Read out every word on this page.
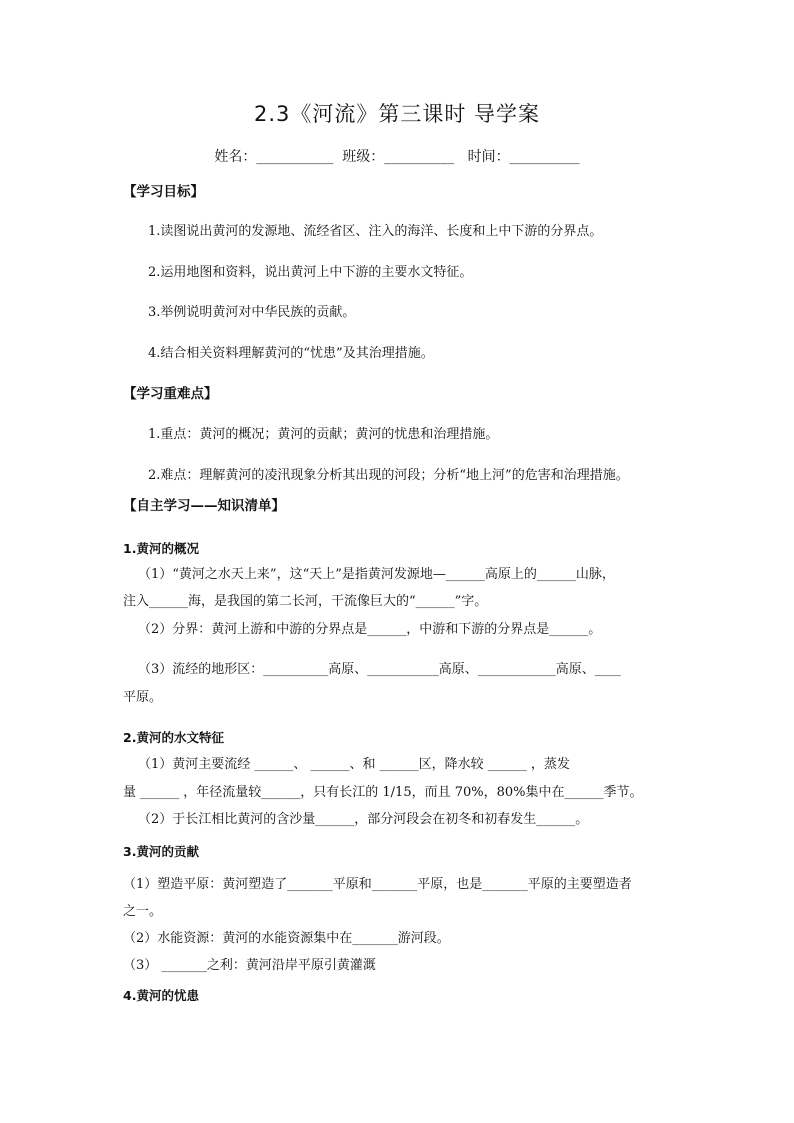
2.3《河流》第三课时 导学案
姓名：___________  班级：__________   时间：__________
【学习目标】
1.读图说出黄河的发源地、流经省区、注入的海洋、长度和上中下游的分界点。
2.运用地图和资料，说出黄河上中下游的主要水文特征。
3.举例说明黄河对中华民族的贡献。
4.结合相关资料理解黄河的“忧患”及其治理措施。
【学习重难点】
1.重点：黄河的概况；黄河的贡献；黄河的忧患和治理措施。
2.难点：理解黄河的凌汛现象分析其出现的河段；分析“地上河”的危害和治理措施。
【自主学习——知识清单】
1.黄河的概况
（1）“黄河之水天上来”，这“天上”是指黄河发源地—______高原上的______山脉，
注入______海，是我国的第二长河，干流像巨大的“______”字。
（2）分界：黄河上游和中游的分界点是______，中游和下游的分界点是______。
（3）流经的地形区：__________高原、___________高原、____________高原、____
平原。
2.黄河的水文特征
（1）黄河主要流经 ______、 ______、和 ______区，降水较 ______ ，蒸发
量 ______ ，年径流量较______，只有长江的 1/15，而且 70%，80%集中在______季节。
（2）于长江相比黄河的含沙量______，部分河段会在初冬和初春发生______。
3.黄河的贡献
（1）塑造平原：黄河塑造了_______平原和_______平原，也是_______平原的主要塑造者
之一。
（2）水能资源：黄河的水能资源集中在_______游河段。
（3） _______之利：黄河沿岸平原引黄灌溉
4.黄河的忧患
